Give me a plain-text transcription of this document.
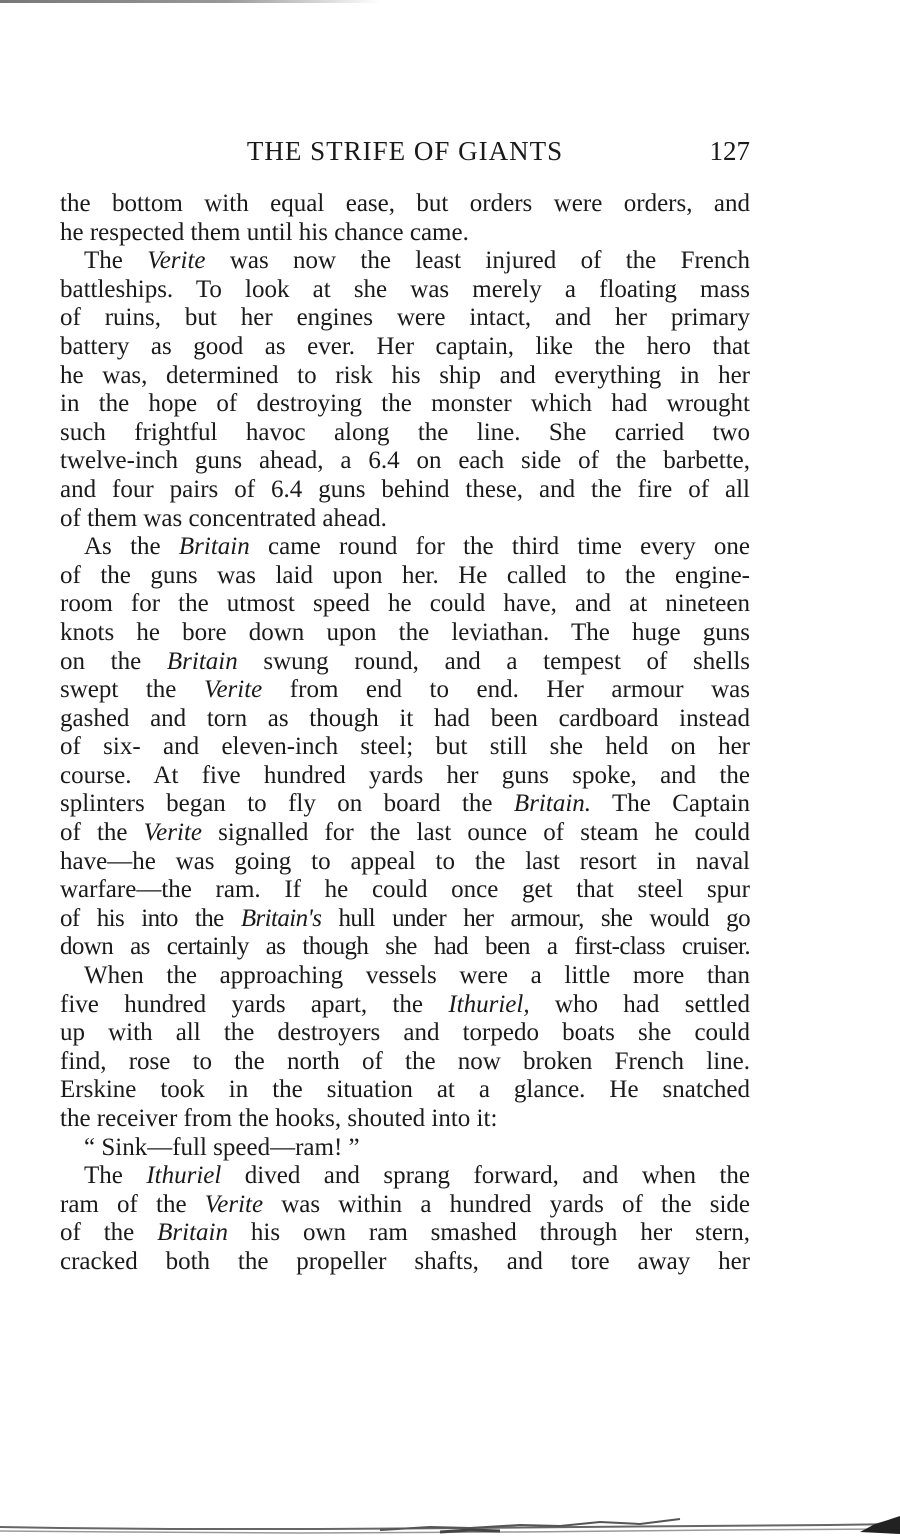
THE STRIFE OF GIANTS	127
the bottom with equal ease, but orders were orders, and
he respected them until his chance came.
The Verite was now the least injured of the French
battleships. To look at she was merely a floating mass
of ruins, but her engines were intact, and her primary
battery as good as ever. Her captain, like the hero that
he was, determined to risk his ship and everything in her
in the hope of destroying the monster which had wrought
such frightful havoc along the line. She carried two
twelve-inch guns ahead, a 6.4 on each side of the barbette,
and four pairs of 6.4 guns behind these, and the fire of all
of them was concentrated ahead.
As the Britain came round for the third time every one
of the guns was laid upon her. He called to the engine-
room for the utmost speed he could have, and at nineteen
knots he bore down upon the leviathan. The huge guns
on the Britain swung round, and a tempest of shells
swept the Verite from end to end. Her armour was
gashed and torn as though it had been cardboard instead
of six- and eleven-inch steel; but still she held on her
course. At five hundred yards her guns spoke, and the
splinters began to fly on board the Britain. The Captain
of the Verite signalled for the last ounce of steam he could
have—he was going to appeal to the last resort in naval
warfare—the ram. If he could once get that steel spur
of his into the Britain's hull under her armour, she would go
down as certainly as though she had been a first-class cruiser.
When the approaching vessels were a little more than
five hundred yards apart, the Ithuriel, who had settled
up with all the destroyers and torpedo boats she could
find, rose to the north of the now broken French line.
Erskine took in the situation at a glance. He snatched
the receiver from the hooks, shouted into it:
“ Sink—full speed—ram! ”
The Ithuriel dived and sprang forward, and when the
ram of the Verite was within a hundred yards of the side
of the Britain his own ram smashed through her stern,
cracked both the propeller shafts, and tore away her
